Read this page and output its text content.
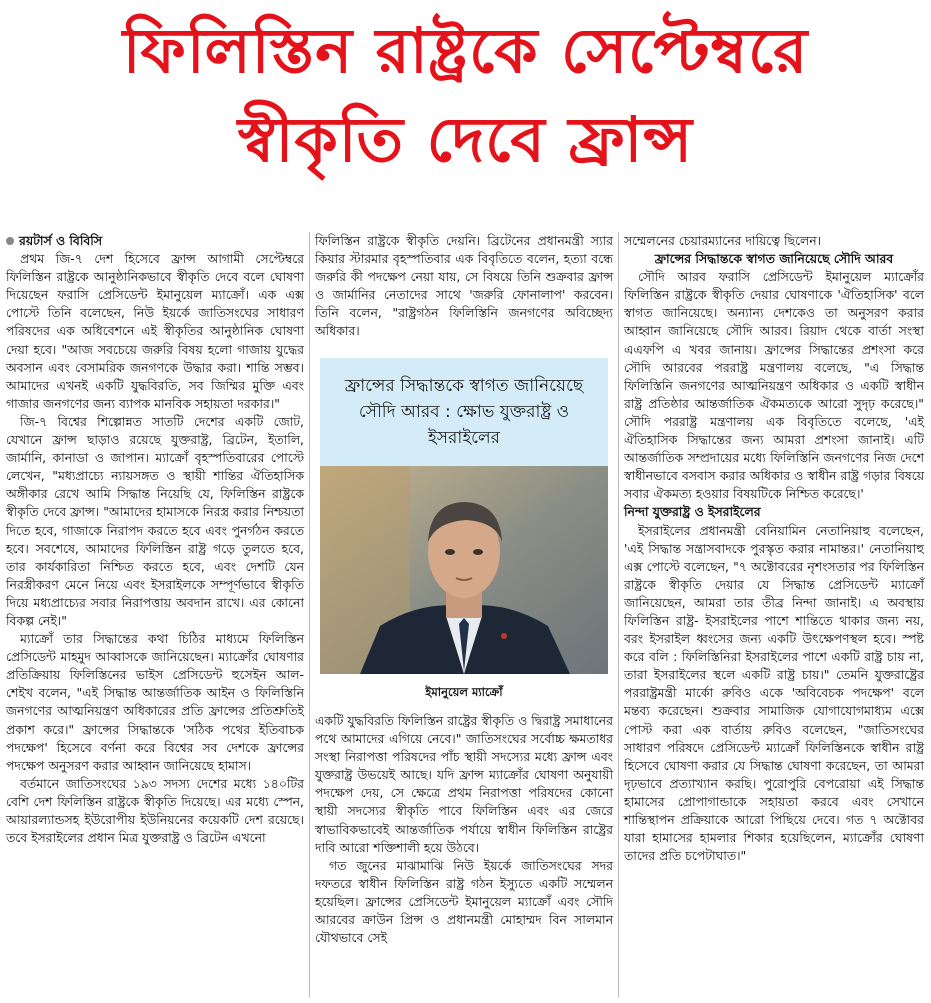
ফিলিস্তিন রাষ্ট্রকে সেপ্টেম্বরে
স্বীকৃতি দেবে ফ্রান্স

রয়টার্স ও বিবিসি

প্রথম জি-৭ দেশ হিসেবে ফ্রান্স আগামী সেপ্টেম্বরে ফিলিস্তিন রাষ্ট্রকে আনুষ্ঠানিকভাবে স্বীকৃতি দেবে বলে ঘোষণা দিয়েছেন ফরাসি প্রেসিডেন্ট ইমানুয়েল ম্যাক্রোঁ। এক এক্স পোস্টে তিনি বলেছেন, নিউ ইয়র্কে জাতিসংঘের সাধারণ পরিষদের এক অধিবেশনে এই স্বীকৃতির আনুষ্ঠানিক ঘোষণা দেয়া হবে। "আজ সবচেয়ে জরুরি বিষয় হলো গাজায় যুদ্ধের অবসান এবং বেসামরিক জনগণকে উদ্ধার করা। শান্তি সম্ভব। আমাদের এখনই একটি যুদ্ধবিরতি, সব জিম্মির মুক্তি এবং গাজার জনগণের জন্য ব্যাপক মানবিক সহায়তা দরকার।"

জি-৭ বিশ্বের শিল্পোন্নত সাতটি দেশের একটি জোট, যেখানে ফ্রান্স ছাড়াও রয়েছে যুক্তরাষ্ট্র, ব্রিটেন, ইতালি, জার্মানি, কানাডা ও জাপান। ম্যাক্রোঁ বৃহস্পতিবারের পোস্টে লেখেন, "মধ্যপ্রাচ্যে ন্যায়সঙ্গত ও স্থায়ী শান্তির ঐতিহাসিক অঙ্গীকার রেখে আমি সিদ্ধান্ত নিয়েছি যে, ফিলিস্তিন রাষ্ট্রকে স্বীকৃতি দেবে ফ্রান্স। "আমাদের হামাসকে নিরস্ত্র করার নিশ্চয়তা দিতে হবে, গাজাকে নিরাপদ করতে হবে এবং পুনর্গঠন করতে হবে। সবশেষে, আমাদের ফিলিস্তিন রাষ্ট্র গড়ে তুলতে হবে, তার কার্যকারিতা নিশ্চিত করতে হবে, এবং দেশটি যেন নিরস্ত্রীকরণ মেনে নিয়ে এবং ইসরাইলকে সম্পূর্ণভাবে স্বীকৃতি দিয়ে মধ্যপ্রাচ্যের সবার নিরাপত্তায় অবদান রাখে। এর কোনো বিকল্প নেই।"

ম্যাক্রোঁ তার সিদ্ধান্তের কথা চিঠির মাধ্যমে ফিলিস্তিন প্রেসিডেন্ট মাহমুদ আব্বাসকে জানিয়েছেন। ম্যাক্রোঁর ঘোষণার প্রতিক্রিয়ায় ফিলিস্তিনের ভাইস প্রেসিডেন্ট হুসেইন আল-শেইখ বলেন, "এই সিদ্ধান্ত আন্তর্জাতিক আইন ও ফিলিস্তিনি জনগণের আত্মনিয়ন্ত্রণ অধিকারের প্রতি ফ্রান্সের প্রতিশ্রুতিই প্রকাশ করে।" ফ্রান্সের সিদ্ধান্তকে 'সঠিক পথের ইতিবাচক পদক্ষেপ' হিসেবে বর্ণনা করে বিশ্বের সব দেশকে ফ্রান্সের পদক্ষেপ অনুসরণ করার আহ্বান জানিয়েছে হামাস।

বর্তমানে জাতিসংঘের ১৯৩ সদস্য দেশের মধ্যে ১৪০টির বেশি দেশ ফিলিস্তিন রাষ্ট্রকে স্বীকৃতি দিয়েছে। এর মধ্যে স্পেন, আয়ারল্যান্ডসহ ইউরোপীয় ইউনিয়নের কয়েকটি দেশ রয়েছে। তবে ইসরাইলের প্রধান মিত্র যুক্তরাষ্ট্র ও ব্রিটেন এখনো

ফিলিস্তিন রাষ্ট্রকে স্বীকৃতি দেয়নি। ব্রিটেনের প্রধানমন্ত্রী স্যার কিয়ার স্টারমার বৃহস্পতিবার এক বিবৃতিতে বলেন, হত্যা বন্ধে জরুরি কী পদক্ষেপ নেয়া যায়, সে বিষয়ে তিনি শুক্রবার ফ্রান্স ও জার্মানির নেতাদের সাথে 'জরুরি ফোনালাপ' করবেন। তিনি বলেন, "রাষ্ট্রগঠন ফিলিস্তিনি জনগণের অবিচ্ছেদ্য অধিকার।

ফ্রান্সের সিদ্ধান্তকে স্বাগত জানিয়েছে সৌদি আরব : ক্ষোভ যুক্তরাষ্ট্র ও ইসরাইলের
ইমানুয়েল ম্যাক্রোঁ

একটি যুদ্ধবিরতি ফিলিস্তিন রাষ্ট্রের স্বীকৃতি ও দ্বিরাষ্ট্র সমাধানের পথে আমাদের এগিয়ে নেবে।" জাতিসংঘের সর্বোচ্চ ক্ষমতাধর সংস্থা নিরাপত্তা পরিষদের পাঁচ স্থায়ী সদস্যের মধ্যে ফ্রান্স এবং যুক্তরাষ্ট্র উভয়েই আছে। যদি ফ্রান্স ম্যাক্রোঁর ঘোষণা অনুযায়ী পদক্ষেপ দেয়, সে ক্ষেত্রে প্রথম নিরাপত্তা পরিষদের কোনো স্থায়ী সদস্যের স্বীকৃতি পাবে ফিলিস্তিন এবং এর জেরে স্বাভাবিকভাবেই আন্তর্জাতিক পর্যায়ে স্বাধীন ফিলিস্তিন রাষ্ট্রের দাবি আরো শক্তিশালী হয়ে উঠবে।

গত জুনের মাঝামাঝি নিউ ইয়র্কে জাতিসংঘের সদর দফতরে স্বাধীন ফিলিস্তিন রাষ্ট্র গঠন ইস্যুতে একটি সম্মেলন হয়েছিল। ফ্রান্সের প্রেসিডেন্ট ইমানুয়েল ম্যাক্রোঁ এবং সৌদি আরবের ক্রাউন প্রিন্স ও প্রধানমন্ত্রী মোহাম্মদ বিন সালমান যৌথভাবে সেই

সম্মেলনের চেয়ারম্যানের দায়িত্বে ছিলেন।

ফ্রান্সের সিদ্ধান্তকে স্বাগত জানিয়েছে সৌদি আরব

সৌদি আরব ফরাসি প্রেসিডেন্ট ইমানুয়েল ম্যাক্রোঁর ফিলিস্তিন রাষ্ট্রকে স্বীকৃতি দেয়ার ঘোষণাকে 'ঐতিহাসিক' বলে স্বাগত জানিয়েছে। অন্যান্য দেশকেও তা অনুসরণ করার আহ্বান জানিয়েছে সৌদি আরব। রিয়াদ থেকে বার্তা সংস্থা এএফপি এ খবর জানায়। ফ্রান্সের সিদ্ধান্তের প্রশংসা করে সৌদি আরবের পররাষ্ট্র মন্ত্রণালয় বলেছে, "এ সিদ্ধান্ত ফিলিস্তিনি জনগণের আত্মনিয়ন্ত্রণ অধিকার ও একটি স্বাধীন রাষ্ট্র প্রতিষ্ঠার আন্তর্জাতিক ঐকমত্যকে আরো সুদৃঢ় করেছে।" সৌদি পররাষ্ট্র মন্ত্রণালয় এক বিবৃতিতে বলেছে, 'এই ঐতিহাসিক সিদ্ধান্তের জন্য আমরা প্রশংসা জানাই। এটি আন্তর্জাতিক সম্প্রদায়ের মধ্যে ফিলিস্তিনি জনগণের নিজ দেশে স্বাধীনভাবে বসবাস করার অধিকার ও স্বাধীন রাষ্ট্র গড়ার বিষয়ে সবার ঐকমত্য হওয়ার বিষয়টিকে নিশ্চিত করেছে।'

নিন্দা যুক্তরাষ্ট্র ও ইসরাইলের

ইসরাইলের প্রধানমন্ত্রী বেনিয়ামিন নেতানিয়াহু বলেছেন, 'এই সিদ্ধান্ত সন্ত্রাসবাদকে পুরস্কৃত করার নামান্তর।' নেতানিয়াহু এক্স পোস্টে বলেছেন, "৭ অক্টোবরের নৃশংসতার পর ফিলিস্তিন রাষ্ট্রকে স্বীকৃতি দেয়ার যে সিদ্ধান্ত প্রেসিডেন্ট ম্যাক্রোঁ জানিয়েছেন, আমরা তার তীব্র নিন্দা জানাই। এ অবস্থায় ফিলিস্তিন রাষ্ট্র- ইসরাইলের পাশে শান্তিতে থাকার জন্য নয়, বরং ইসরাইল ধ্বংসের জন্য একটি উৎক্ষেপণস্থল হবে। স্পষ্ট করে বলি : ফিলিস্তিনিরা ইসরাইলের পাশে একটি রাষ্ট্র চায় না, তারা ইসরাইলের স্থলে একটি রাষ্ট্র চায়।" তেমনি যুক্তরাষ্ট্রের পররাষ্ট্রমন্ত্রী মার্কো রুবিও একে 'অবিবেচক পদক্ষেপ' বলে মন্তব্য করেছেন। শুক্রবার সামাজিক যোগাযোগমাধ্যম এক্সে পোস্ট করা এক বার্তায় রুবিও বলেছেন, "জাতিসংঘের সাধারণ পরিষদে প্রেসিডেন্ট ম্যাক্রোঁ ফিলিস্তিনকে স্বাধীন রাষ্ট্র হিসেবে ঘোষণা করার যে সিদ্ধান্ত ঘোষণা করেছেন, তা আমরা দৃঢ়ভাবে প্রত্যাখ্যান করছি। পুরোপুরি বেপরোয়া এই সিদ্ধান্ত হামাসের প্রোপাগান্ডাকে সহায়তা করবে এবং সেখানে শান্তিস্থাপন প্রক্রিয়াকে আরো পিছিয়ে দেবে। গত ৭ অক্টোবর যারা হামাসের হামলার শিকার হয়েছিলেন, ম্যাক্রোঁর ঘোষণা তাদের প্রতি চপেটাঘাত।"
